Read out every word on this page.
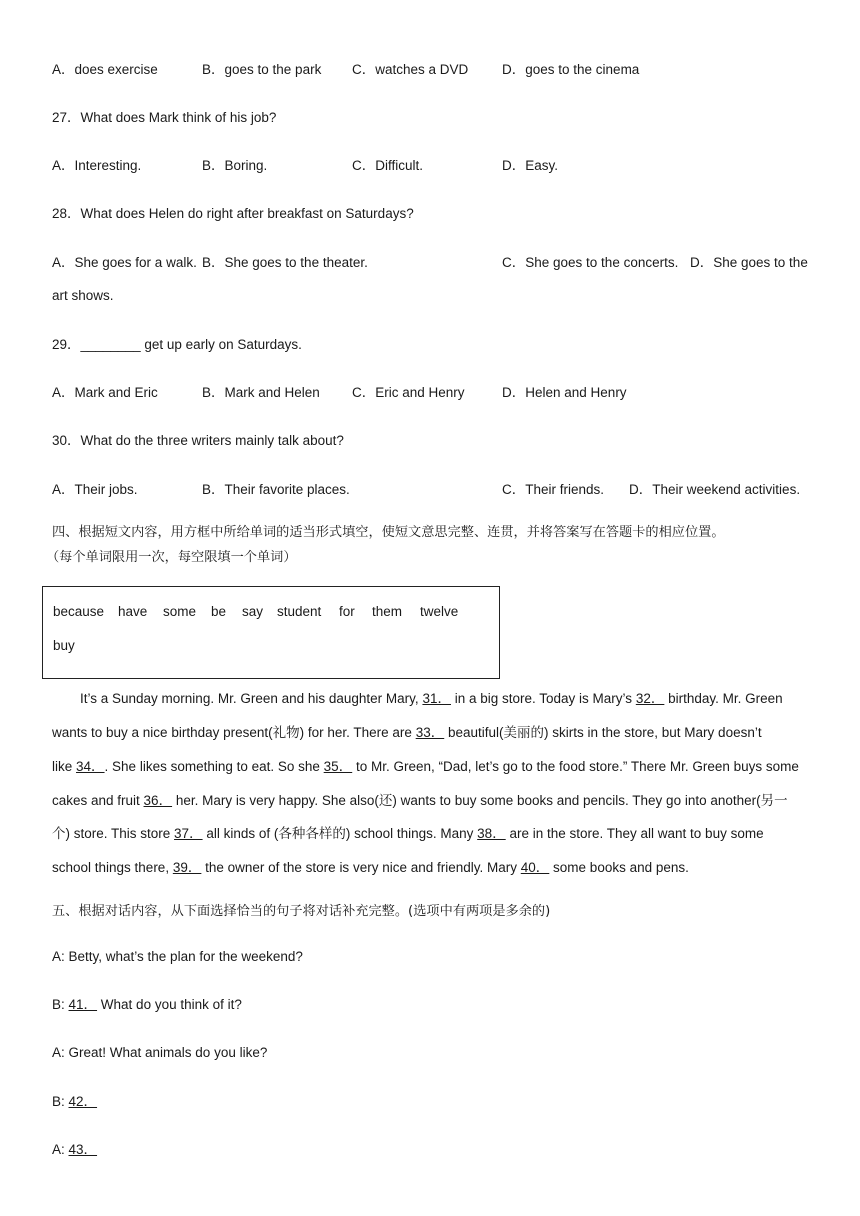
A．does exercise	B．goes to the park C．watches a DVD D．goes to the cinema
27．What does Mark think of his job?
A．Interesting.	B．Boring.	C．Difficult.	D．Easy.
28．What does Helen do right after breakfast on Saturdays?
A．She goes for a walk. B．She goes to the theater.	C．She goes to the concerts. D．She goes to the
art shows.
29．________ get up early on Saturdays.
A．Mark and Eric	B．Mark and Helen C．Eric and Henry	D．Helen and Henry
30．What do the three writers mainly talk about?
A．Their jobs.	B．Their favorite places.	C．Their friends. D．Their weekend activities.
四、根据短文内容，用方框中所给单词的适当形式填空，使短文意思完整、连贯，并将答案写在答题卡的相应位置。
（每个单词限用一次，每空限填一个单词）
because have some be say student for them twelve
buy
It’s a Sunday morning. Mr. Green and his daughter Mary, 31． in a big store. Today is Mary’s 32． birthday. Mr. Green
wants to buy a nice birthday present(礼物) for her. There are 33． beautiful(美丽的) skirts in the store, but Mary doesn’t
like 34．. She likes something to eat. So she 35． to Mr. Green, “Dad, let’s go to the food store.” There Mr. Green buys some
cakes and fruit 36． her. Mary is very happy. She also(还) wants to buy some books and pencils. They go into another(另一
个) store. This store 37． all kinds of (各种各样的) school things. Many 38． are in the store. They all want to buy some
school things there, 39． the owner of the store is very nice and friendly. Mary 40． some books and pens.
五、根据对话内容，从下面选择恰当的句子将对话补充完整。(选项中有两项是多余的)
A: Betty, what’s the plan for the weekend?
B: 41． What do you think of it?
A: Great! What animals do you like?
B: 42．
A: 43．
